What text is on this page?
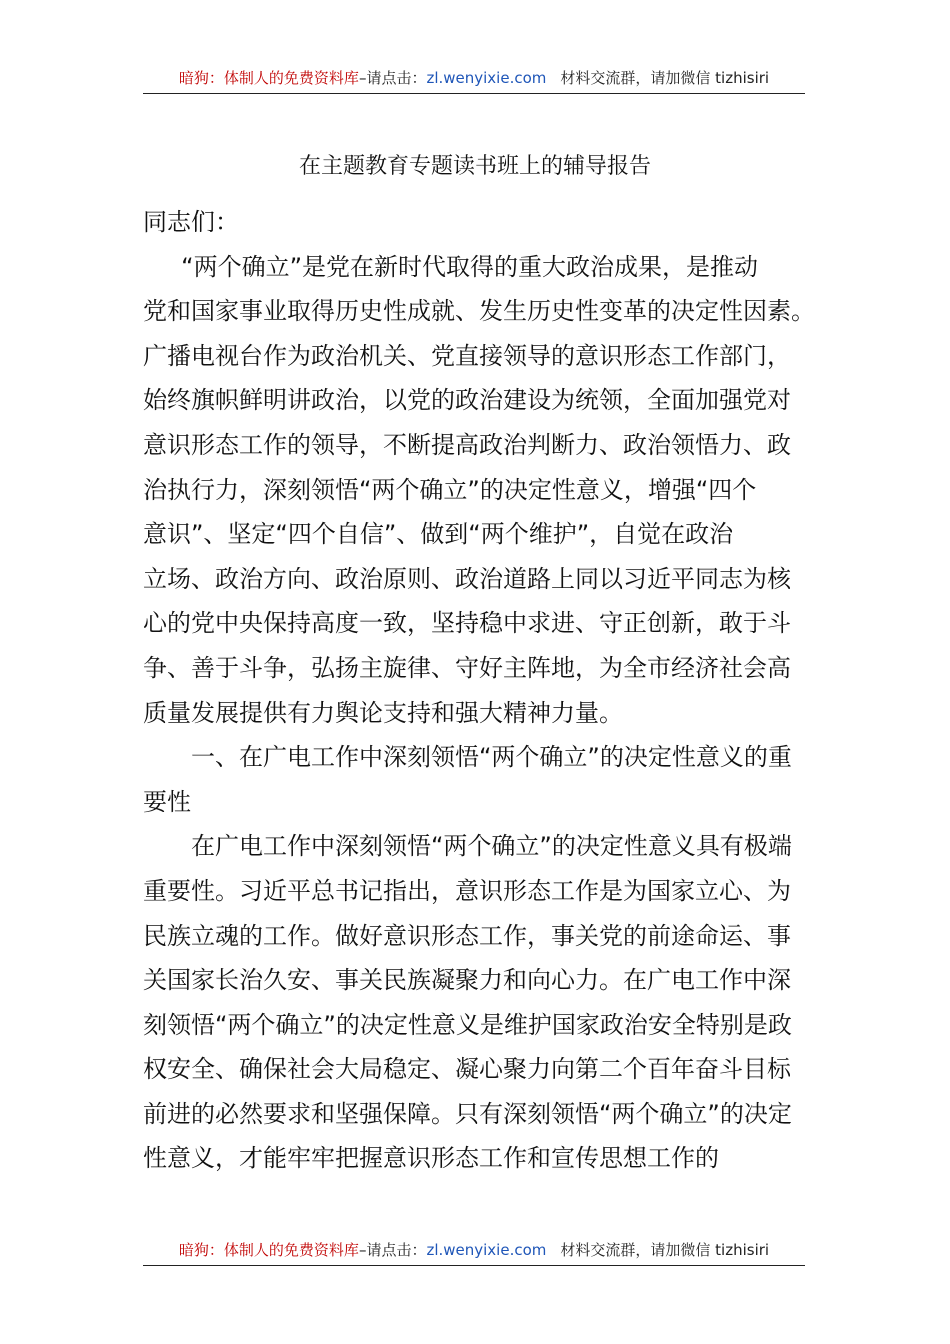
暗狗：体制人的免费资料库–请点击：zl.wenyixie.com 材料交流群，请加微信 tizhisiri
在主题教育专题读书班上的辅导报告

同志们：

“两个确立”是党在新时代取得的重大政治成果，是推动
党和国家事业取得历史性成就、发生历史性变革的决定性因素。
广播电视台作为政治机关、党直接领导的意识形态工作部门，
始终旗帜鲜明讲政治，以党的政治建设为统领，全面加强党对
意识形态工作的领导，不断提高政治判断力、政治领悟力、政
治执行力，深刻领悟“两个确立”的决定性意义，增强“四个
意识”、坚定“四个自信”、做到“两个维护”，自觉在政治
立场、政治方向、政治原则、政治道路上同以习近平同志为核
心的党中央保持高度一致，坚持稳中求进、守正创新，敢于斗
争、善于斗争，弘扬主旋律、守好主阵地，为全市经济社会高
质量发展提供有力舆论支持和强大精神力量。

一、在广电工作中深刻领悟“两个确立”的决定性意义的重要性

在广电工作中深刻领悟“两个确立”的决定性意义具有极端重要性。习近平总书记指出，意识形态工作是为国家立心、为民族立魂的工作。做好意识形态工作，事关党的前途命运、事关国家长治久安、事关民族凝聚力和向心力。在广电工作中深刻领悟“两个确立”的决定性意义是维护国家政治安全特别是政权安全、确保社会大局稳定、凝心聚力向第二个百年奋斗目标前进的必然要求和坚强保障。只有深刻领悟“两个确立”的决定性意义，才能牢牢把握意识形态工作和宣传思想工作的

暗狗：体制人的免费资料库–请点击：zl.wenyixie.com 材料交流群，请加微信 tizhisiri
